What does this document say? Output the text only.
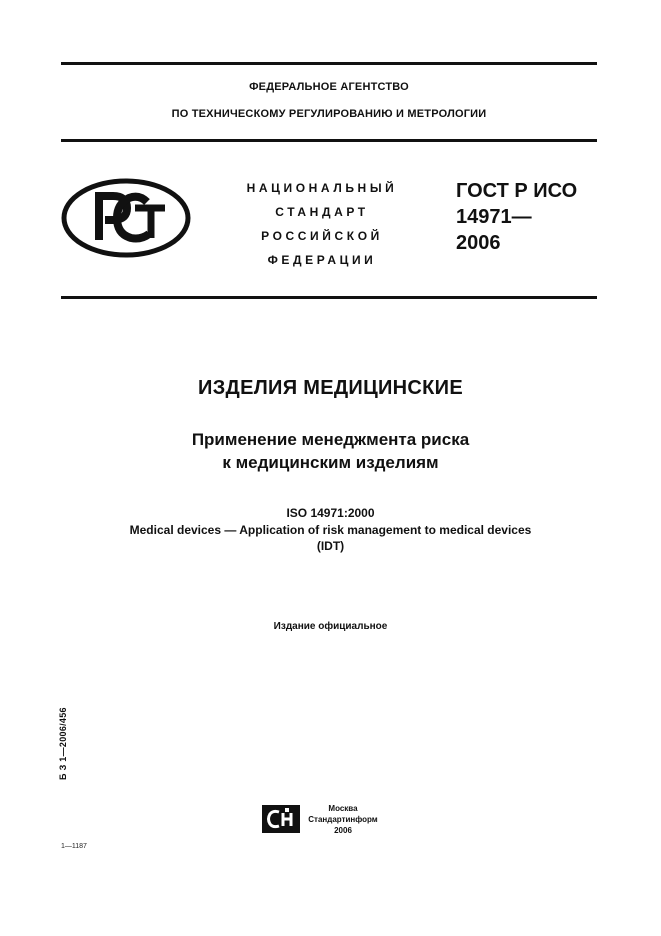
ФЕДЕРАЛЬНОЕ АГЕНТСТВО
ПО ТЕХНИЧЕСКОМУ РЕГУЛИРОВАНИЮ И МЕТРОЛОГИИ
НАЦИОНАЛЬНЫЙ
СТАНДАРТ
РОССИЙСКОЙ
ФЕДЕРАЦИИ
ГОСТ Р ИСО
14971—
2006
ИЗДЕЛИЯ МЕДИЦИНСКИЕ
Применение менеджмента риска
к медицинским изделиям
ISO 14971:2000
Medical devices — Application of risk management to medical devices
(IDT)
Издание официальное
Б З 1—2006/456
Москва
Стандартинформ
2006
1—1187
